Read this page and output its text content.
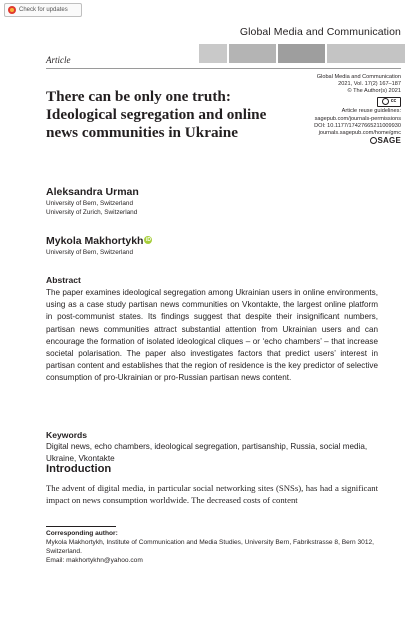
Check for updates
Global Media and Communication
Article
Global Media and Communication
2021, Vol. 17(2) 167–187
© The Author(s) 2021
cc
Article reuse guidelines:
sagepub.com/journals-permissions
DOI: 10.1177/17427665211009930
journals.sagepub.com/home/gmc
SAGE
There can be only one truth: Ideological segregation and online news communities in Ukraine
Aleksandra Urman
University of Bern, Switzerland
University of Zurich, Switzerland
Mykola Makhortykh iD
University of Bern, Switzerland
Abstract

The paper examines ideological segregation among Ukrainian users in online environments, using as a case study partisan news communities on Vkontakte, the largest online platform in post-communist states. Its findings suggest that despite their insignificant numbers, partisan news communities attract substantial attention from Ukrainian users and can encourage the formation of isolated ideological cliques – or ‘echo chambers’ – that increase societal polarisation. The paper also investigates factors that predict users’ interest in partisan content and establishes that the region of residence is the key predictor of selective consumption of pro-Ukrainian or pro-Russian partisan news content.

Keywords

Digital news, echo chambers, ideological segregation, partisanship, Russia, social media, Ukraine, Vkontakte

Introduction

The advent of digital media, in particular social networking sites (SNSs), has had a significant impact on news consumption worldwide. The decreased costs of content

Corresponding author:
Mykola Makhortykh, Institute of Communication and Media Studies, University Bern, Fabrikstrasse 8, Bern 3012, Switzerland.
Email: makhortykhn@yahoo.com
